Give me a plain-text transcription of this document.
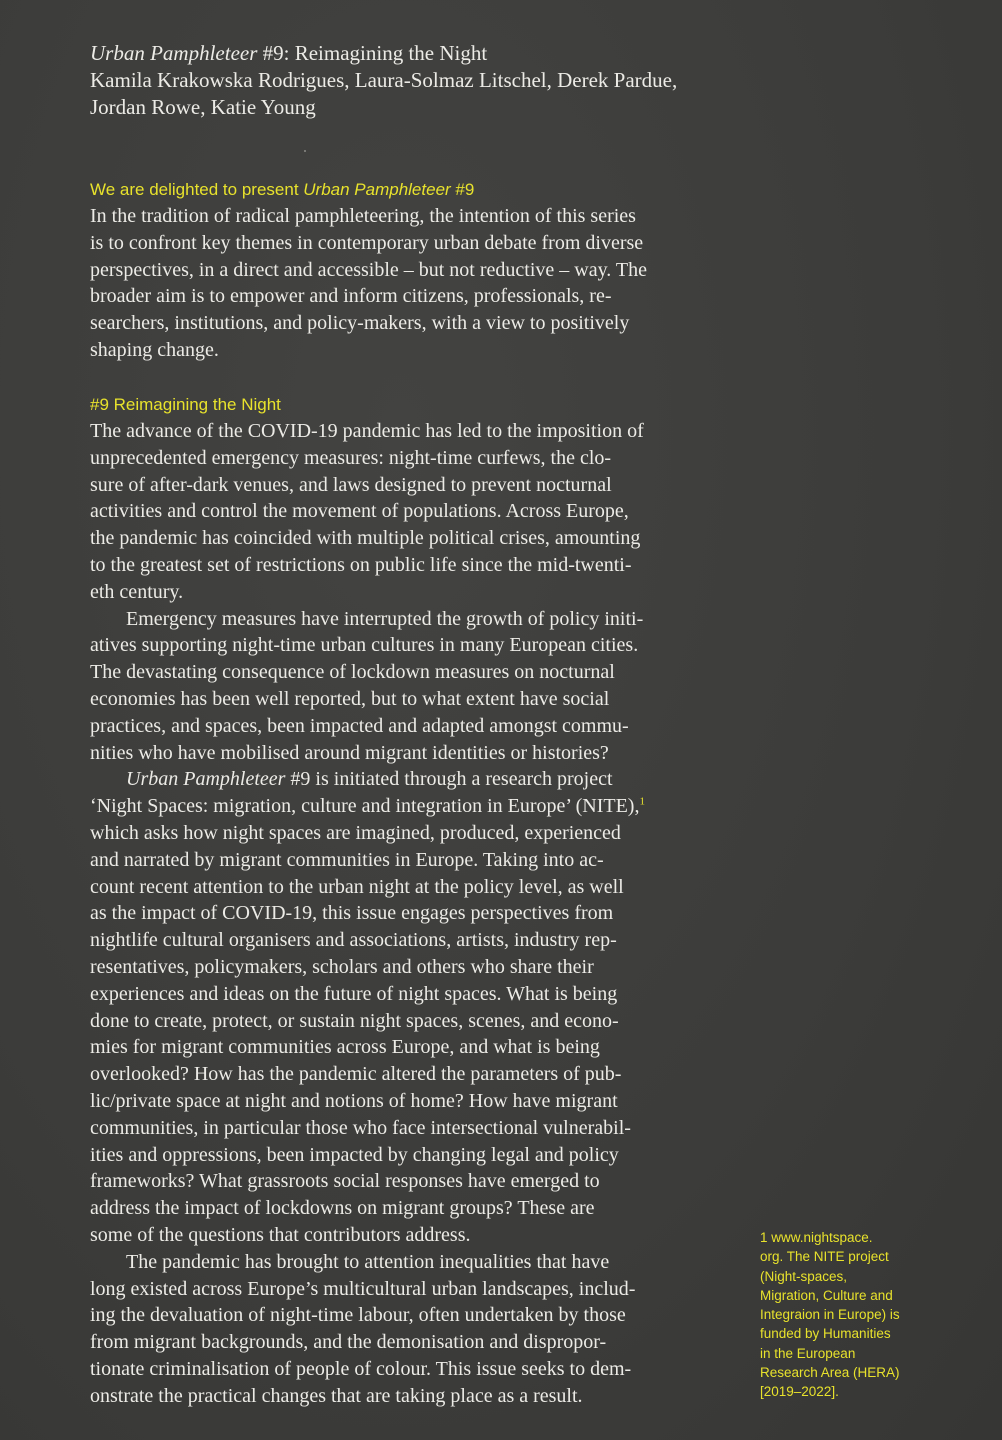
Urban Pamphleteer #9: Reimagining the Night
Kamila Krakowska Rodrigues, Laura-Solmaz Litschel, Derek Pardue,
Jordan Rowe, Katie Young
We are delighted to present Urban Pamphleteer #9
In the tradition of radical pamphleteering, the intention of this series
is to confront key themes in contemporary urban debate from diverse
perspectives, in a direct and accessible – but not reductive – way. The
broader aim is to empower and inform citizens, professionals, re-
searchers, institutions, and policy-makers, with a view to positively
shaping change.
#9 Reimagining the Night

The advance of the COVID-19 pandemic has led to the imposition of
unprecedented emergency measures: night-time curfews, the clo-
sure of after-dark venues, and laws designed to prevent nocturnal
activities and control the movement of populations. Across Europe,
the pandemic has coincided with multiple political crises, amounting
to the greatest set of restrictions on public life since the mid-twenti-
eth century.

Emergency measures have interrupted the growth of policy initi-
atives supporting night-time urban cultures in many European cities.
The devastating consequence of lockdown measures on nocturnal
economies has been well reported, but to what extent have social
practices, and spaces, been impacted and adapted amongst commu-
nities who have mobilised around migrant identities or histories?

Urban Pamphleteer #9 is initiated through a research project
‘Night Spaces: migration, culture and integration in Europe’ (NITE),$^1$
which asks how night spaces are imagined, produced, experienced
and narrated by migrant communities in Europe. Taking into ac-
count recent attention to the urban night at the policy level, as well
as the impact of COVID-19, this issue engages perspectives from
nightlife cultural organisers and associations, artists, industry rep-
resentatives, policymakers, scholars and others who share their
experiences and ideas on the future of night spaces. What is being
done to create, protect, or sustain night spaces, scenes, and econo-
mies for migrant communities across Europe, and what is being
overlooked? How has the pandemic altered the parameters of pub-
lic/private space at night and notions of home? How have migrant
communities, in particular those who face intersectional vulnerabil-
ities and oppressions, been impacted by changing legal and policy
frameworks? What grassroots social responses have emerged to
address the impact of lockdowns on migrant groups? These are
some of the questions that contributors address.

The pandemic has brought to attention inequalities that have
long existed across Europe’s multicultural urban landscapes, includ-
ing the devaluation of night-time labour, often undertaken by those
from migrant backgrounds, and the demonisation and dispropor-
tionate criminalisation of people of colour. This issue seeks to dem-
onstrate the practical changes that are taking place as a result.

1 www.nightspace.
org. The NITE project
(Night-spaces,
Migration, Culture and
Integraion in Europe) is
funded by Humanities
in the European
Research Area (HERA)
[2019–2022].
